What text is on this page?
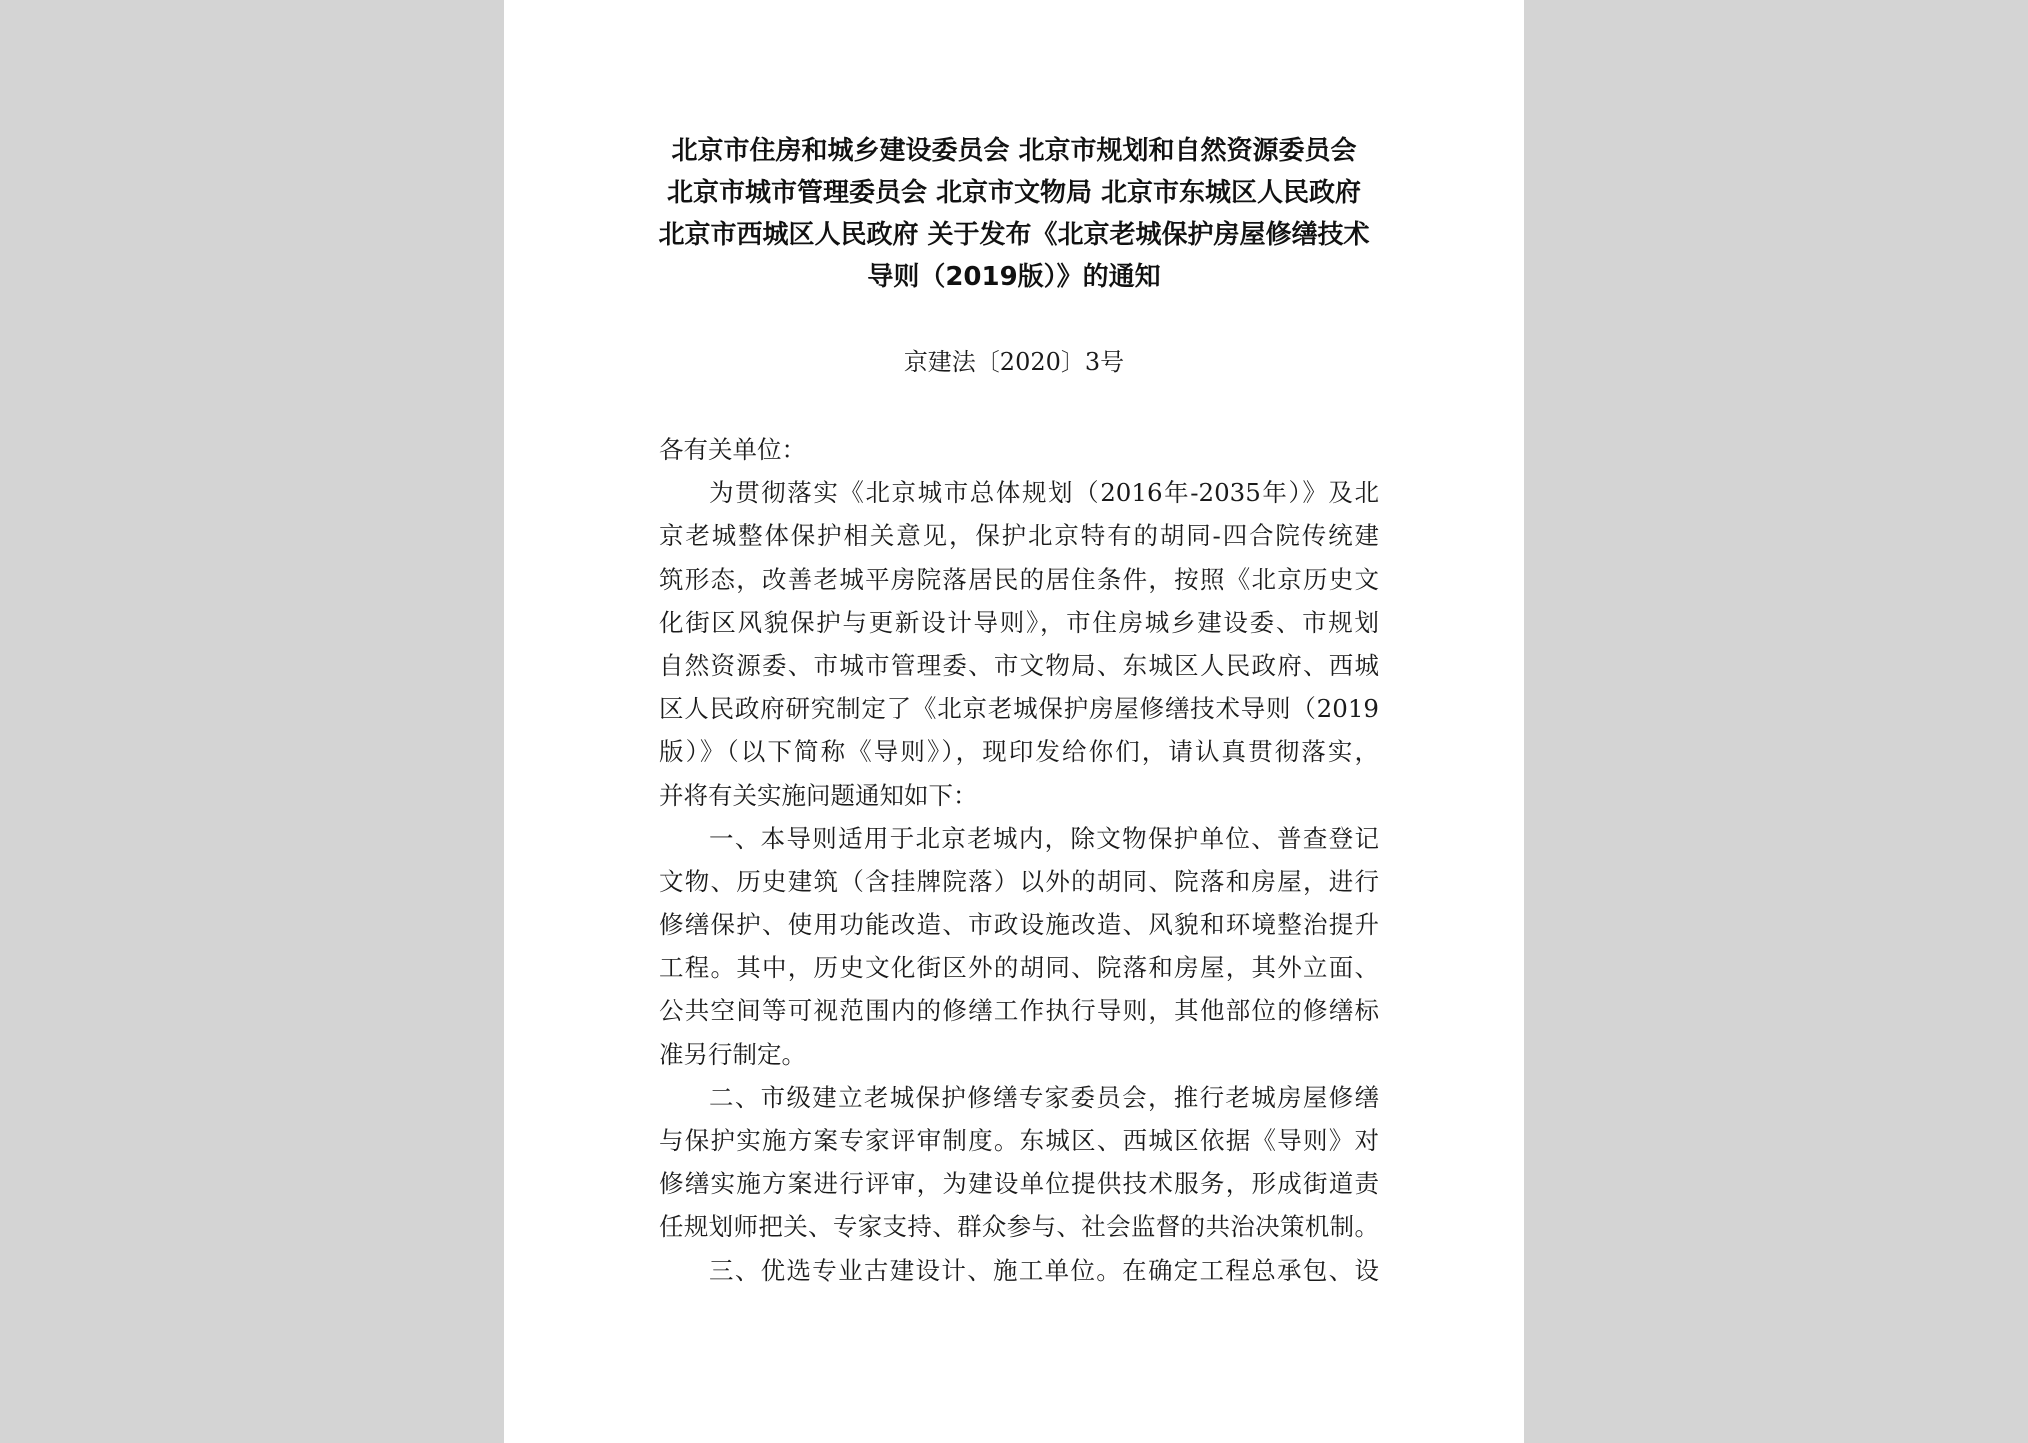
北京市住房和城乡建设委员会 北京市规划和自然资源委员会
北京市城市管理委员会 北京市文物局 北京市东城区人民政府
北京市西城区人民政府 关于发布《北京老城保护房屋修缮技术
导则（2019版）》的通知
京建法〔2020〕3号
各有关单位：
为贯彻落实《北京城市总体规划（2016年-2035年）》及北
京老城整体保护相关意见，保护北京特有的胡同-四合院传统建
筑形态，改善老城平房院落居民的居住条件，按照《北京历史文
化街区风貌保护与更新设计导则》，市住房城乡建设委、市规划
自然资源委、市城市管理委、市文物局、东城区人民政府、西城
区人民政府研究制定了《北京老城保护房屋修缮技术导则（2019
版）》（以下简称《导则》），现印发给你们，请认真贯彻落实，
并将有关实施问题通知如下：
一、本导则适用于北京老城内，除文物保护单位、普查登记
文物、历史建筑（含挂牌院落）以外的胡同、院落和房屋，进行
修缮保护、使用功能改造、市政设施改造、风貌和环境整治提升
工程。其中，历史文化街区外的胡同、院落和房屋，其外立面、
公共空间等可视范围内的修缮工作执行导则，其他部位的修缮标
准另行制定。
二、市级建立老城保护修缮专家委员会，推行老城房屋修缮
与保护实施方案专家评审制度。东城区、西城区依据《导则》对
修缮实施方案进行评审，为建设单位提供技术服务，形成街道责
任规划师把关、专家支持、群众参与、社会监督的共治决策机制。
三、优选专业古建设计、施工单位。在确定工程总承包、设
